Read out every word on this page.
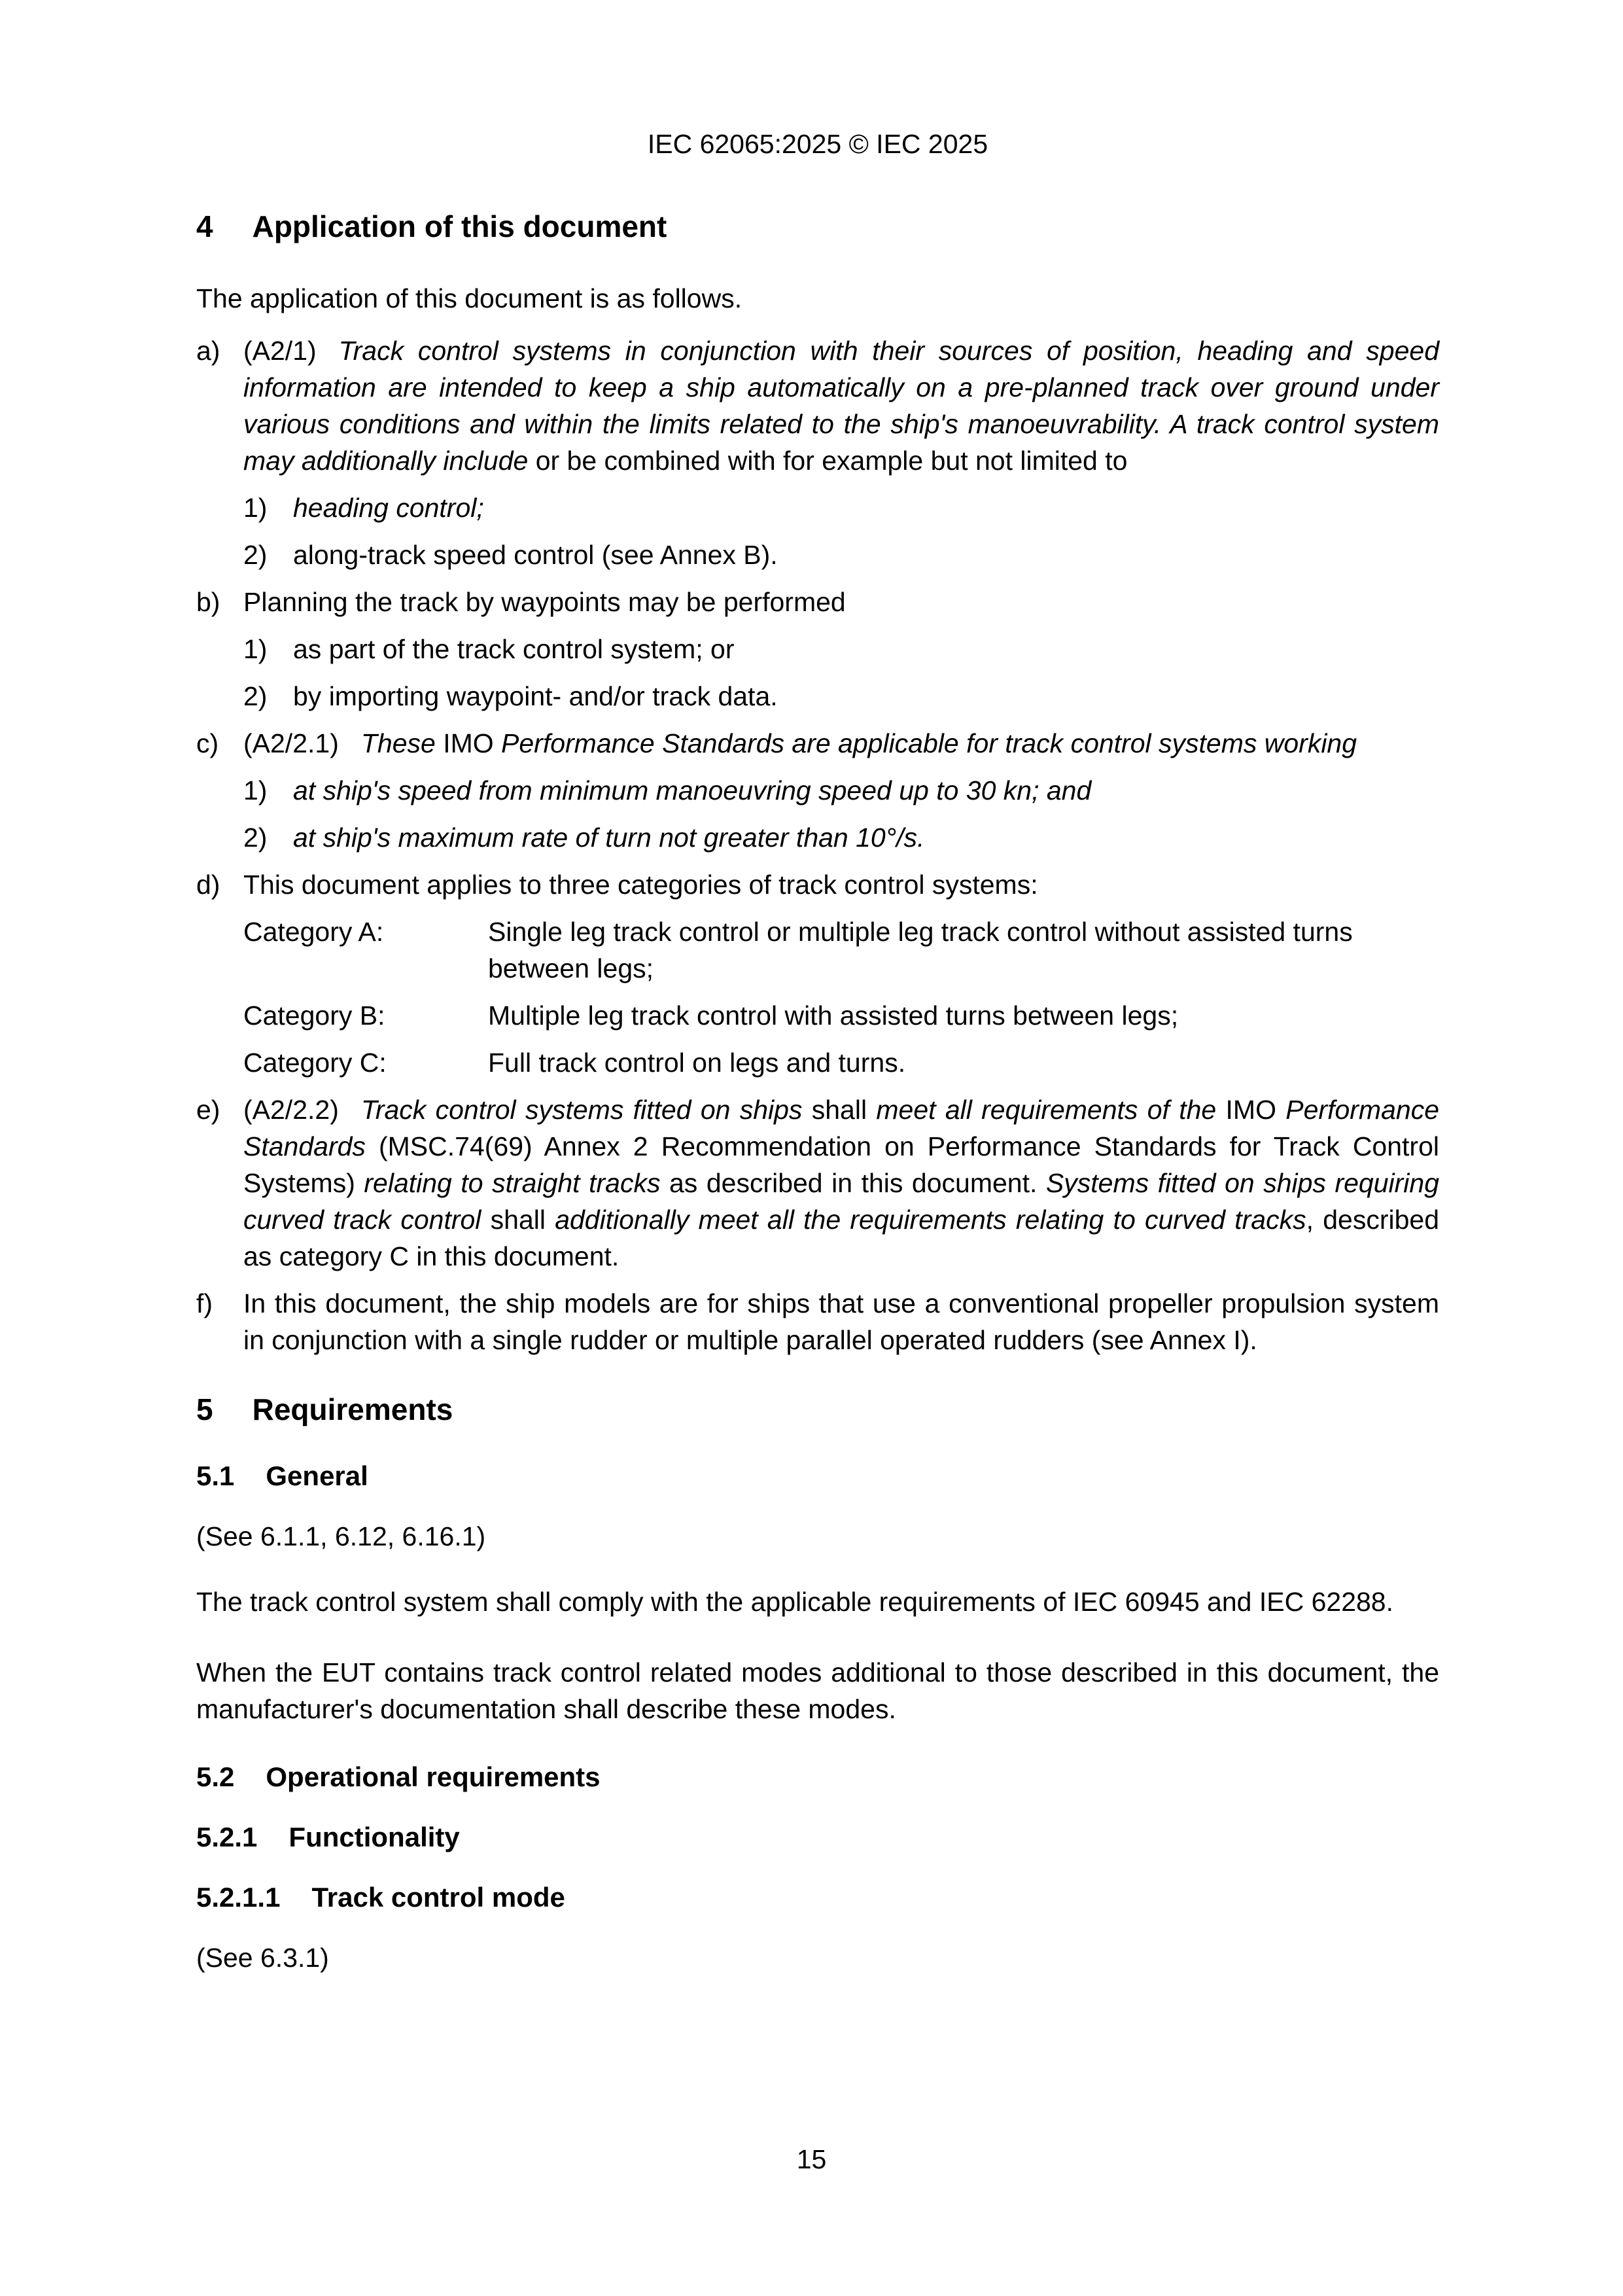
IEC 62065:2025 © IEC 2025
4 Application of this document
The application of this document is as follows.
a) (A2/1) Track control systems in conjunction with their sources of position, heading and speed information are intended to keep a ship automatically on a pre-planned track over ground under various conditions and within the limits related to the ship's manoeuvrability. A track control system may additionally include or be combined with for example but not limited to
1) heading control;
2) along-track speed control (see Annex B).
b) Planning the track by waypoints may be performed
1) as part of the track control system; or
2) by importing waypoint- and/or track data.
c) (A2/2.1) These IMO Performance Standards are applicable for track control systems working
1) at ship's speed from minimum manoeuvring speed up to 30 kn; and
2) at ship's maximum rate of turn not greater than 10°/s.
d) This document applies to three categories of track control systems:
Category A:	Single leg track control or multiple leg track control without assisted turns between legs;
Category B:	Multiple leg track control with assisted turns between legs;
Category C:	Full track control on legs and turns.
e) (A2/2.2) Track control systems fitted on ships shall meet all requirements of the IMO Performance Standards (MSC.74(69) Annex 2 Recommendation on Performance Standards for Track Control Systems) relating to straight tracks as described in this document. Systems fitted on ships requiring curved track control shall additionally meet all the requirements relating to curved tracks, described as category C in this document.
f) In this document, the ship models are for ships that use a conventional propeller propulsion system in conjunction with a single rudder or multiple parallel operated rudders (see Annex I).
5 Requirements
5.1 General
(See 6.1.1, 6.12, 6.16.1)
The track control system shall comply with the applicable requirements of IEC 60945 and IEC 62288.
When the EUT contains track control related modes additional to those described in this document, the manufacturer's documentation shall describe these modes.
5.2 Operational requirements
5.2.1 Functionality
5.2.1.1 Track control mode
(See 6.3.1)
15
